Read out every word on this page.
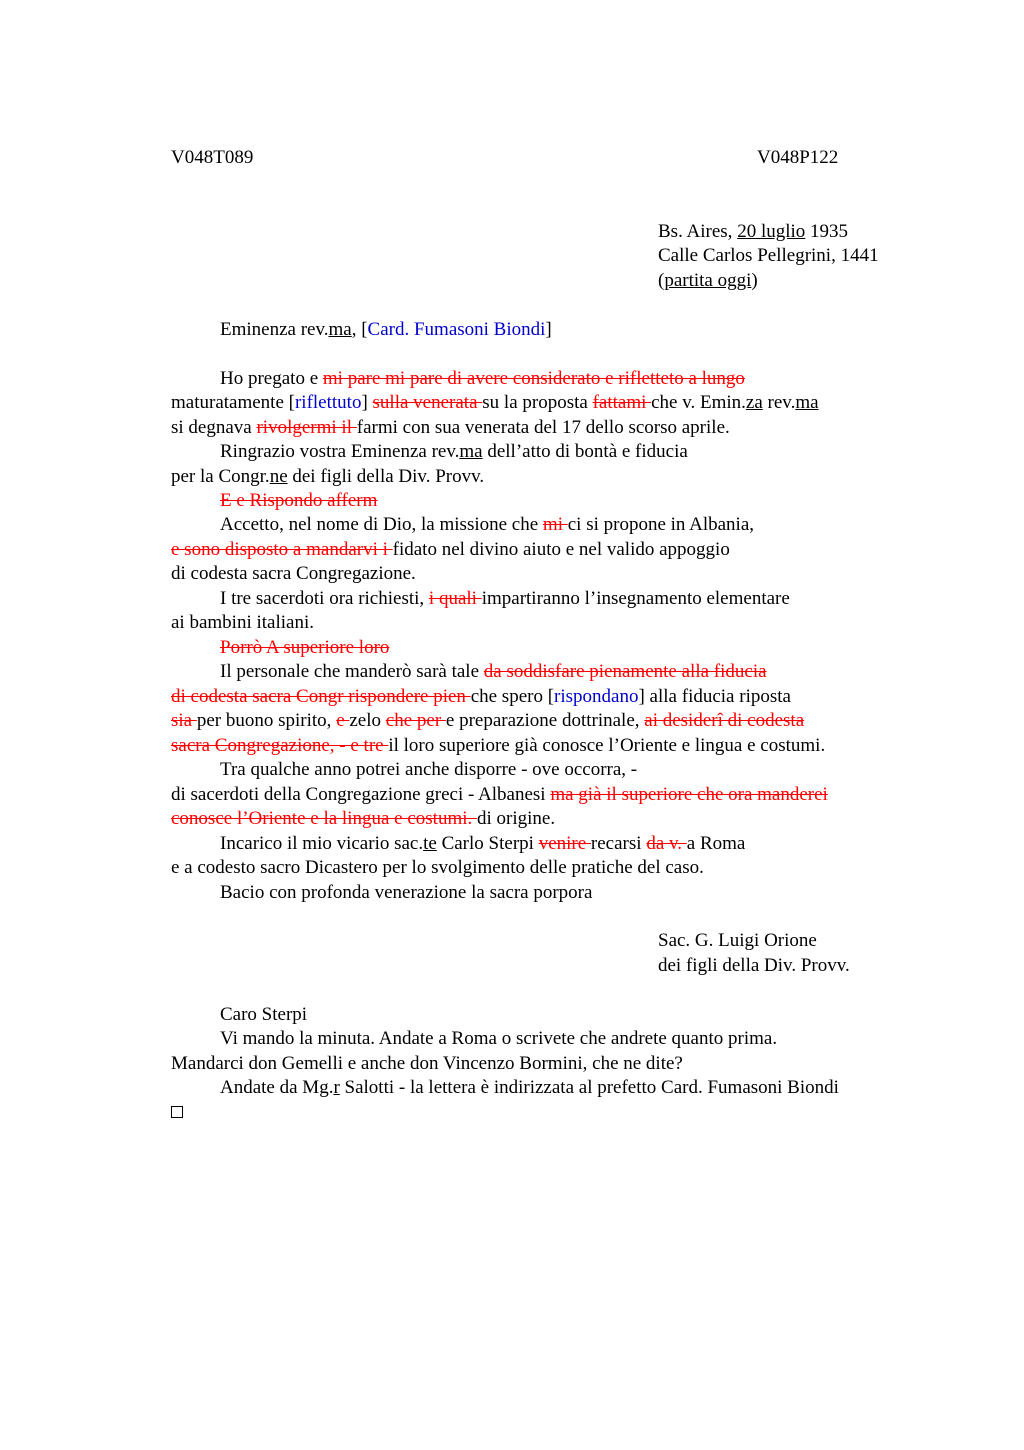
V048T089	V048P122
Bs. Aires, 20 luglio 1935
Calle Carlos Pellegrini, 1441
(partita oggi)
Eminenza rev.ma, [Card. Fumasoni Biondi]
Ho pregato e mi pare mi pare di avere considerato e rifletteto a lungo
maturatamente [riflettuto] sulla venerata su la proposta fattami che v. Emin.za rev.ma
si degnava rivolgermi il farmi con sua venerata del 17 dello scorso aprile.
Ringrazio vostra Eminenza rev.ma dell’atto di bontà e fiducia
per la Congr.ne dei figli della Div. Provv.
E e Rispondo afferm
Accetto, nel nome di Dio, la missione che mi ci si propone in Albania,
e sono disposto a mandarvi i fidato nel divino aiuto e nel valido appoggio
di codesta sacra Congregazione.
I tre sacerdoti ora richiesti, i quali impartiranno l’insegnamento elementare
ai bambini italiani.
Porrò A superiore loro
Il personale che manderò sarà tale da soddisfare pienamente alla fiducia
di codesta sacra Congr rispondere pien che spero [rispondano] alla fiducia riposta
sia per buono spirito, e zelo che per e preparazione dottrinale, ai desiderî di codesta
sacra Congregazione, - e tre il loro superiore già conosce l’Oriente e lingua e costumi.
Tra qualche anno potrei anche disporre - ove occorra, -
di sacerdoti della Congregazione greci - Albanesi ma già il superiore che ora manderei
conosce l’Oriente e la lingua e costumi. di origine.
Incarico il mio vicario sac.te Carlo Sterpi venire recarsi da v. a Roma
e a codesto sacro Dicastero per lo svolgimento delle pratiche del caso.
Bacio con profonda venerazione la sacra porpora
Sac. G. Luigi Orione
dei figli della Div. Provv.
Caro Sterpi
Vi mando la minuta. Andate a Roma o scrivete che andrete quanto prima.
Mandarci don Gemelli e anche don Vincenzo Bormini, che ne dite?
Andate da Mg.r Salotti - la lettera è indirizzata al prefetto Card. Fumasoni Biondi
